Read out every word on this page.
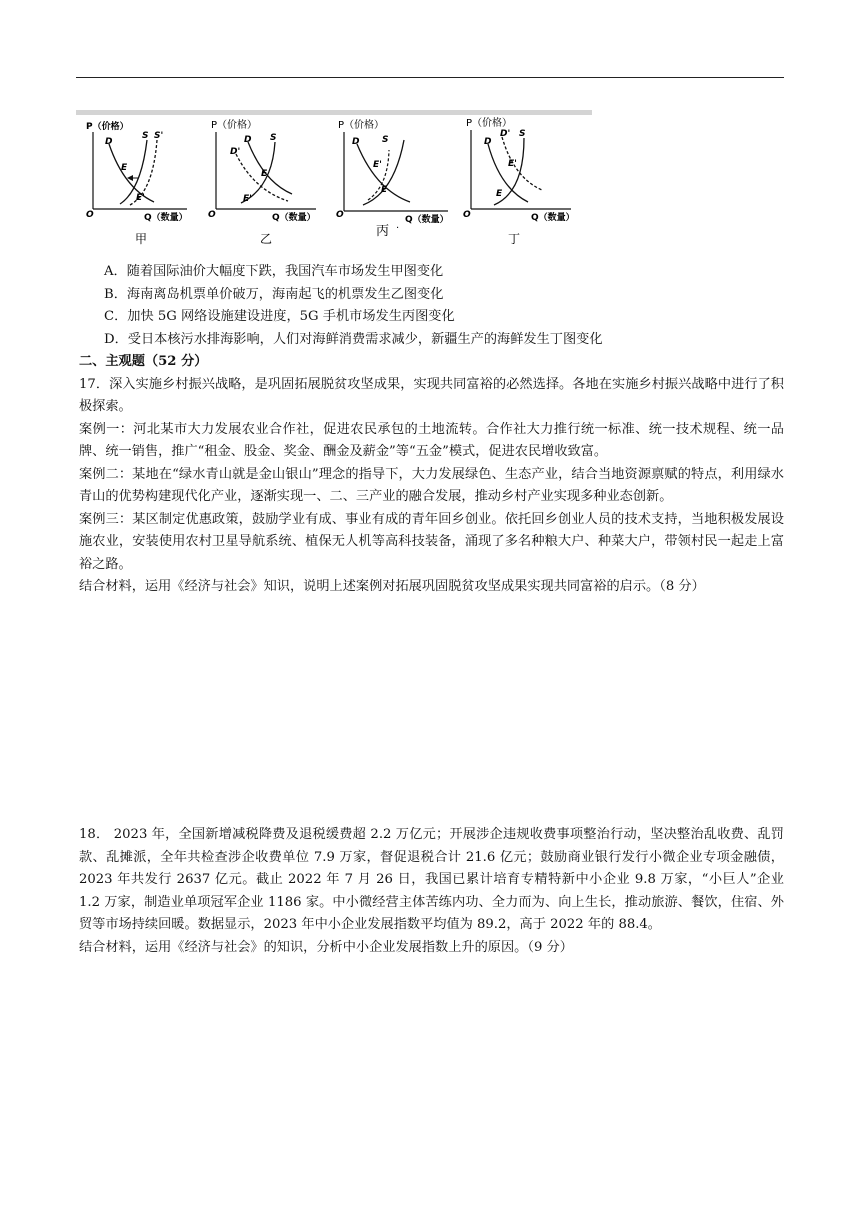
P（价格）
O	Q（数量）
D
S S'
E
E'
甲
P（价格）
O	Q（数量）
D'
D S
E
E'
乙
P（价格）
O	Q（数量）
D	S
E'
E
丙 ·
P（价格）
O	Q（数量）
D
D' S
E'
E
丁
A．随着国际油价大幅度下跌，我国汽车市场发生甲图变化
B．海南离岛机票单价破万，海南起飞的机票发生乙图变化
C．加快 5G 网络设施建设进度，5G 手机市场发生丙图变化
D．受日本核污水排海影响，人们对海鲜消费需求减少，新疆生产的海鲜发生丁图变化
二、主观题（52 分）
17．深入实施乡村振兴战略，是巩固拓展脱贫攻坚成果，实现共同富裕的必然选择。各地在实施乡村振兴战略中进行了积极探索。
案例一：河北某市大力发展农业合作社，促进农民承包的土地流转。合作社大力推行统一标准、统一技术规程、统一品牌、统一销售，推广“租金、股金、奖金、酬金及薪金”等“五金”模式，促进农民增收致富。
案例二：某地在“绿水青山就是金山银山”理念的指导下，大力发展绿色、生态产业，结合当地资源禀赋的特点，利用绿水青山的优势构建现代化产业，逐渐实现一、二、三产业的融合发展，推动乡村产业实现多种业态创新。
案例三：某区制定优惠政策，鼓励学业有成、事业有成的青年回乡创业。依托回乡创业人员的技术支持，当地积极发展设施农业，安装使用农村卫星导航系统、植保无人机等高科技装备，涌现了多名种粮大户、种菜大户，带领村民一起走上富裕之路。
结合材料，运用《经济与社会》知识，说明上述案例对拓展巩固脱贫攻坚成果实现共同富裕的启示。（8 分）
18． 2023 年，全国新增减税降费及退税缓费超 2.2 万亿元；开展涉企违规收费事项整治行动，坚决整治乱收费、乱罚款、乱摊派，全年共检查涉企收费单位 7.9 万家，督促退税合计 21.6 亿元；鼓励商业银行发行小微企业专项金融债，2023 年共发行 2637 亿元。截止 2022 年 7 月 26 日，我国已累计培育专精特新中小企业 9.8 万家，“小巨人”企业 1.2 万家，制造业单项冠军企业 1186 家。中小微经营主体苦练内功、全力而为、向上生长，推动旅游、餐饮，住宿、外贸等市场持续回暖。数据显示，2023 年中小企业发展指数平均值为 89.2，高于 2022 年的 88.4。
结合材料，运用《经济与社会》的知识，分析中小企业发展指数上升的原因。（9 分）
